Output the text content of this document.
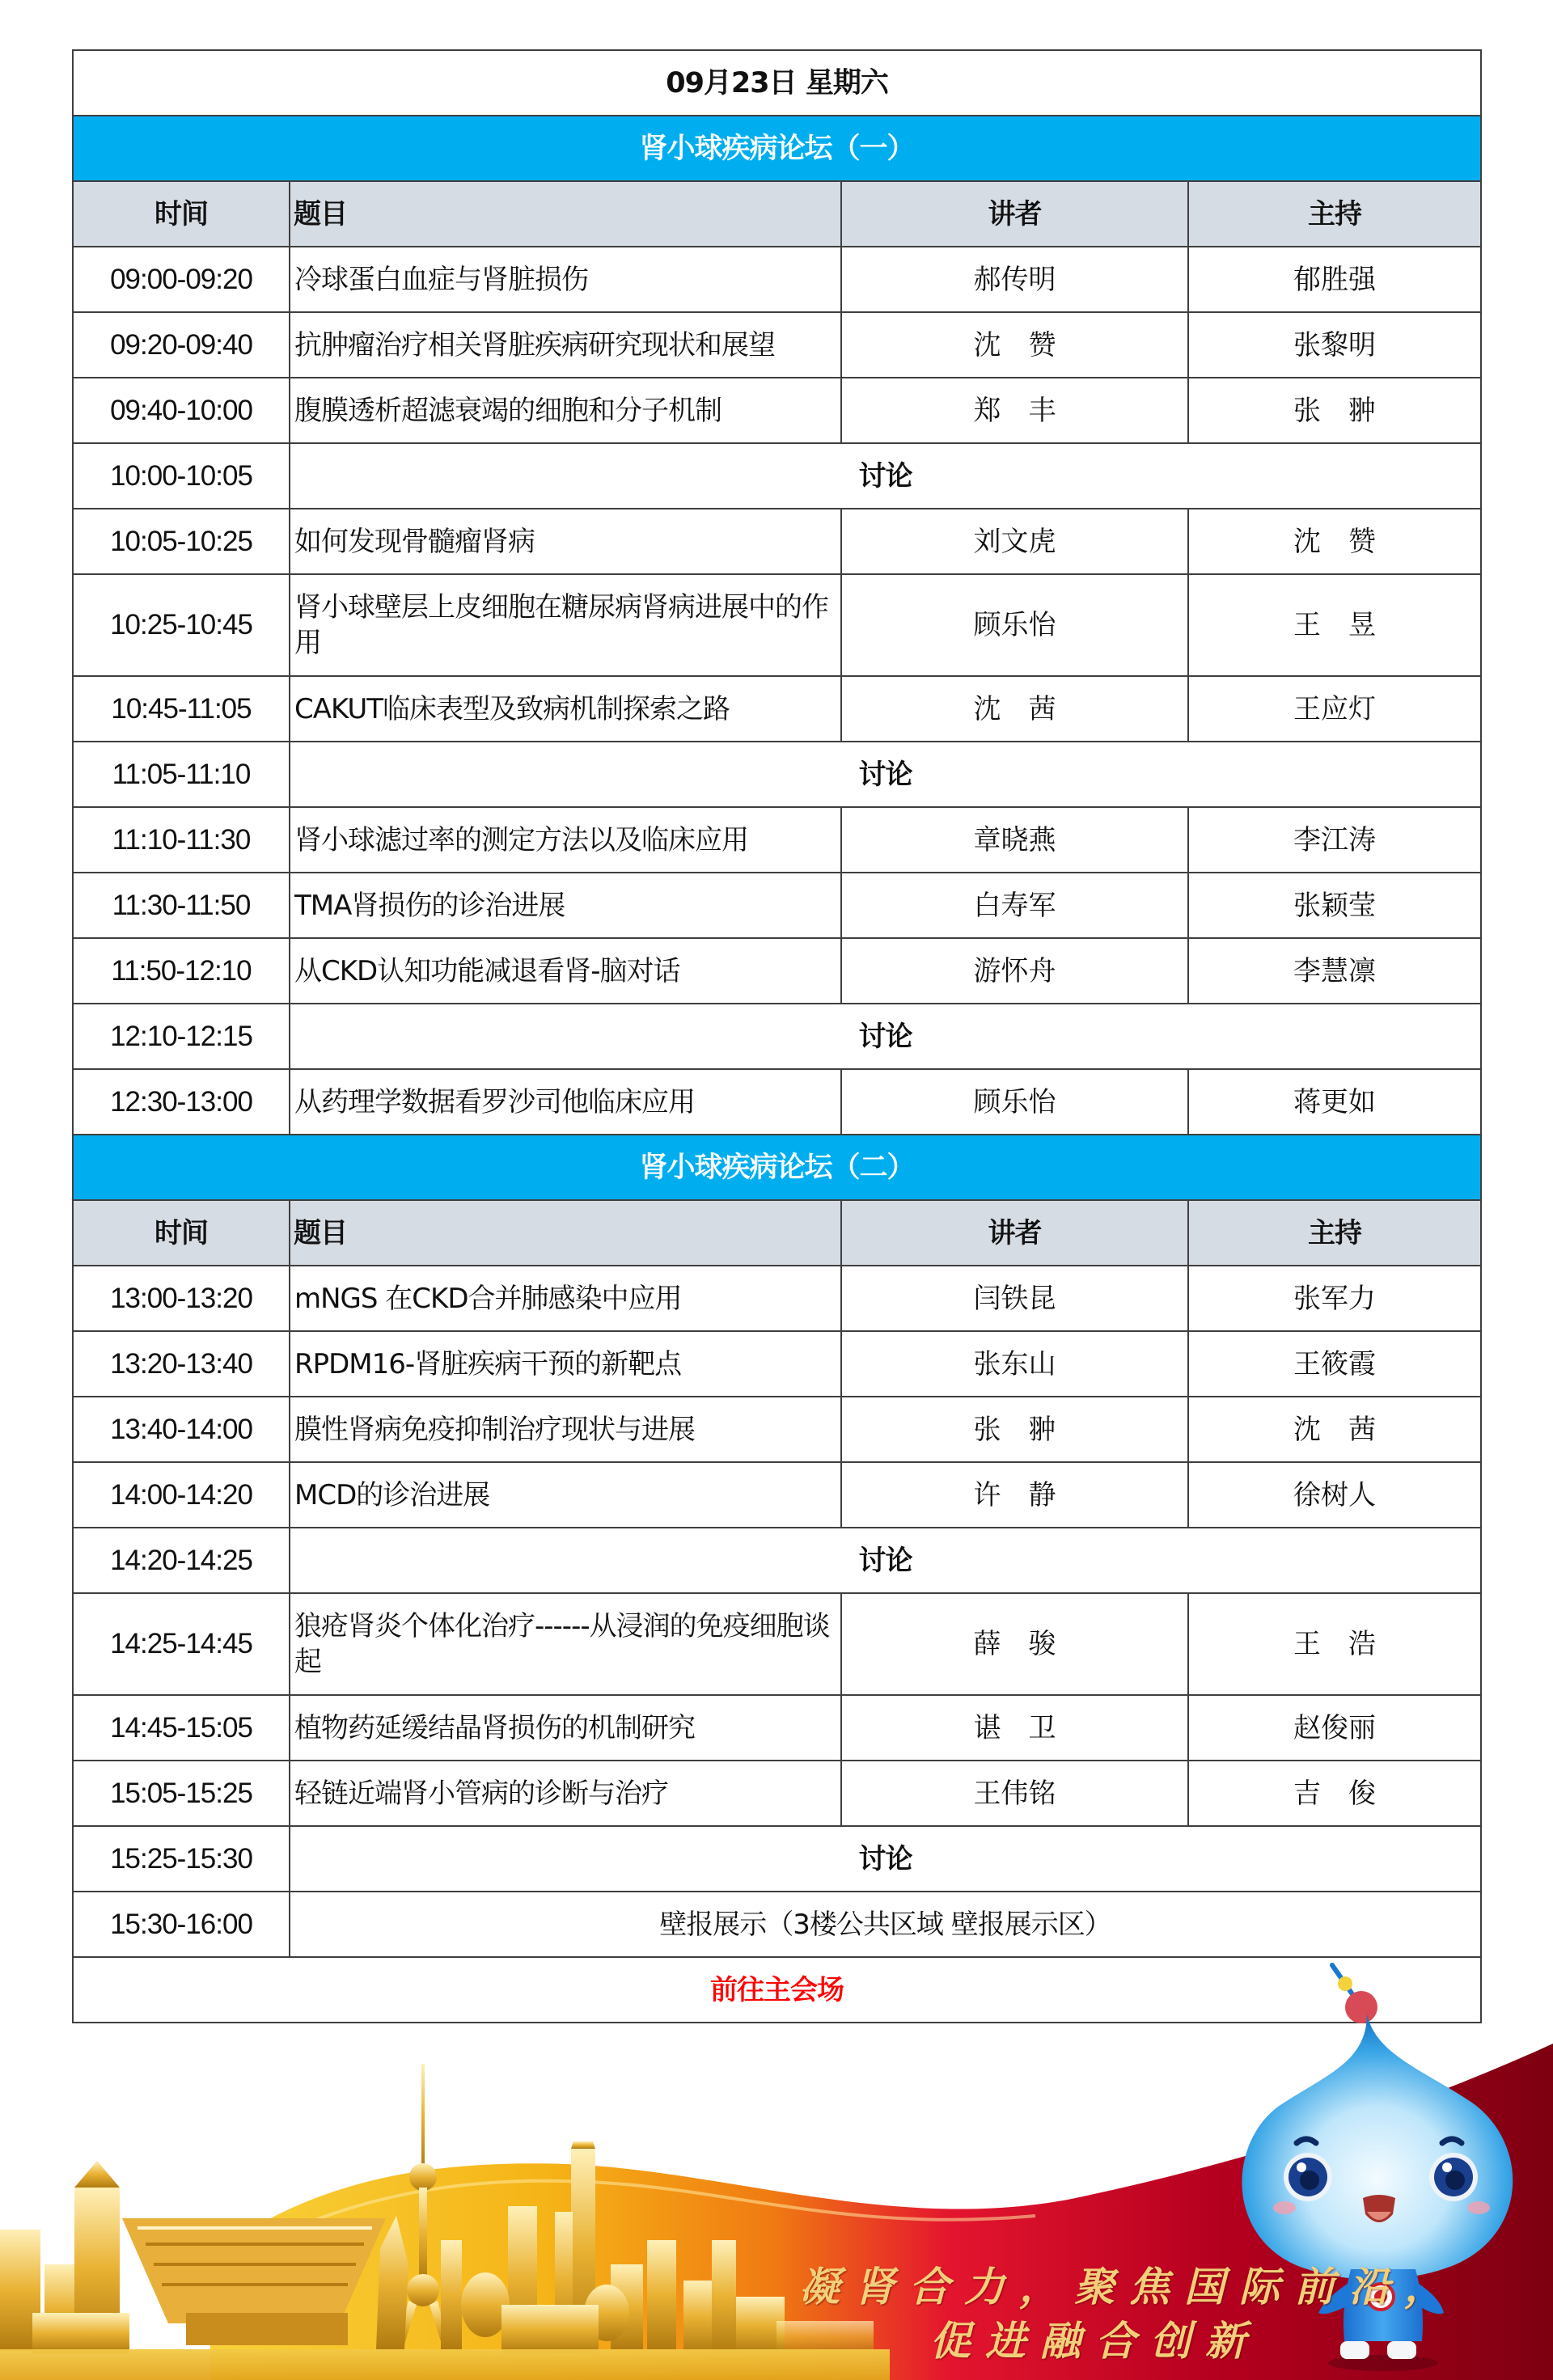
09月23日 星期六			
肾小球疾病论坛（一）			
时间	题目	讲者	主持
09:00-09:20	冷球蛋白血症与肾脏损伤	郝传明	郁胜强
09:20-09:40	抗肿瘤治疗相关肾脏疾病研究现状和展望	沈　赞	张黎明
09:40-10:00	腹膜透析超滤衰竭的细胞和分子机制	郑　丰	张　翀
10:00-10:05	讨论		
10:05-10:25	如何发现骨髓瘤肾病	刘文虎	沈　赞
10:25-10:45	肾小球壁层上皮细胞在糖尿病肾病进展中的作用	顾乐怡	王　昱
10:45-11:05	CAKUT临床表型及致病机制探索之路	沈　茜	王应灯
11:05-11:10	讨论		
11:10-11:30	肾小球滤过率的测定方法以及临床应用	章晓燕	李江涛
11:30-11:50	TMA肾损伤的诊治进展	白寿军	张颖莹
11:50-12:10	从CKD认知功能减退看肾-脑对话	游怀舟	李慧凛
12:10-12:15	讨论		
12:30-13:00	从药理学数据看罗沙司他临床应用	顾乐怡	蒋更如
肾小球疾病论坛（二）			
时间	题目	讲者	主持
13:00-13:20	mNGS 在CKD合并肺感染中应用	闫铁昆	张军力
13:20-13:40	RPDM16-肾脏疾病干预的新靶点	张东山	王筱霞
13:40-14:00	膜性肾病免疫抑制治疗现状与进展	张　翀	沈　茜
14:00-14:20	MCD的诊治进展	许　静	徐树人
14:20-14:25	讨论		
14:25-14:45	狼疮肾炎个体化治疗------从浸润的免疫细胞谈起	薛　骏	王　浩
14:45-15:05	植物药延缓结晶肾损伤的机制研究	谌　卫	赵俊丽
15:05-15:25	轻链近端肾小管病的诊断与治疗	王伟铭	吉　俊
15:25-15:30	讨论		
15:30-16:00	壁报展示（3楼公共区域 壁报展示区）		
前往主会场			
凝肾合力，聚焦国际前沿，
促进融合创新
